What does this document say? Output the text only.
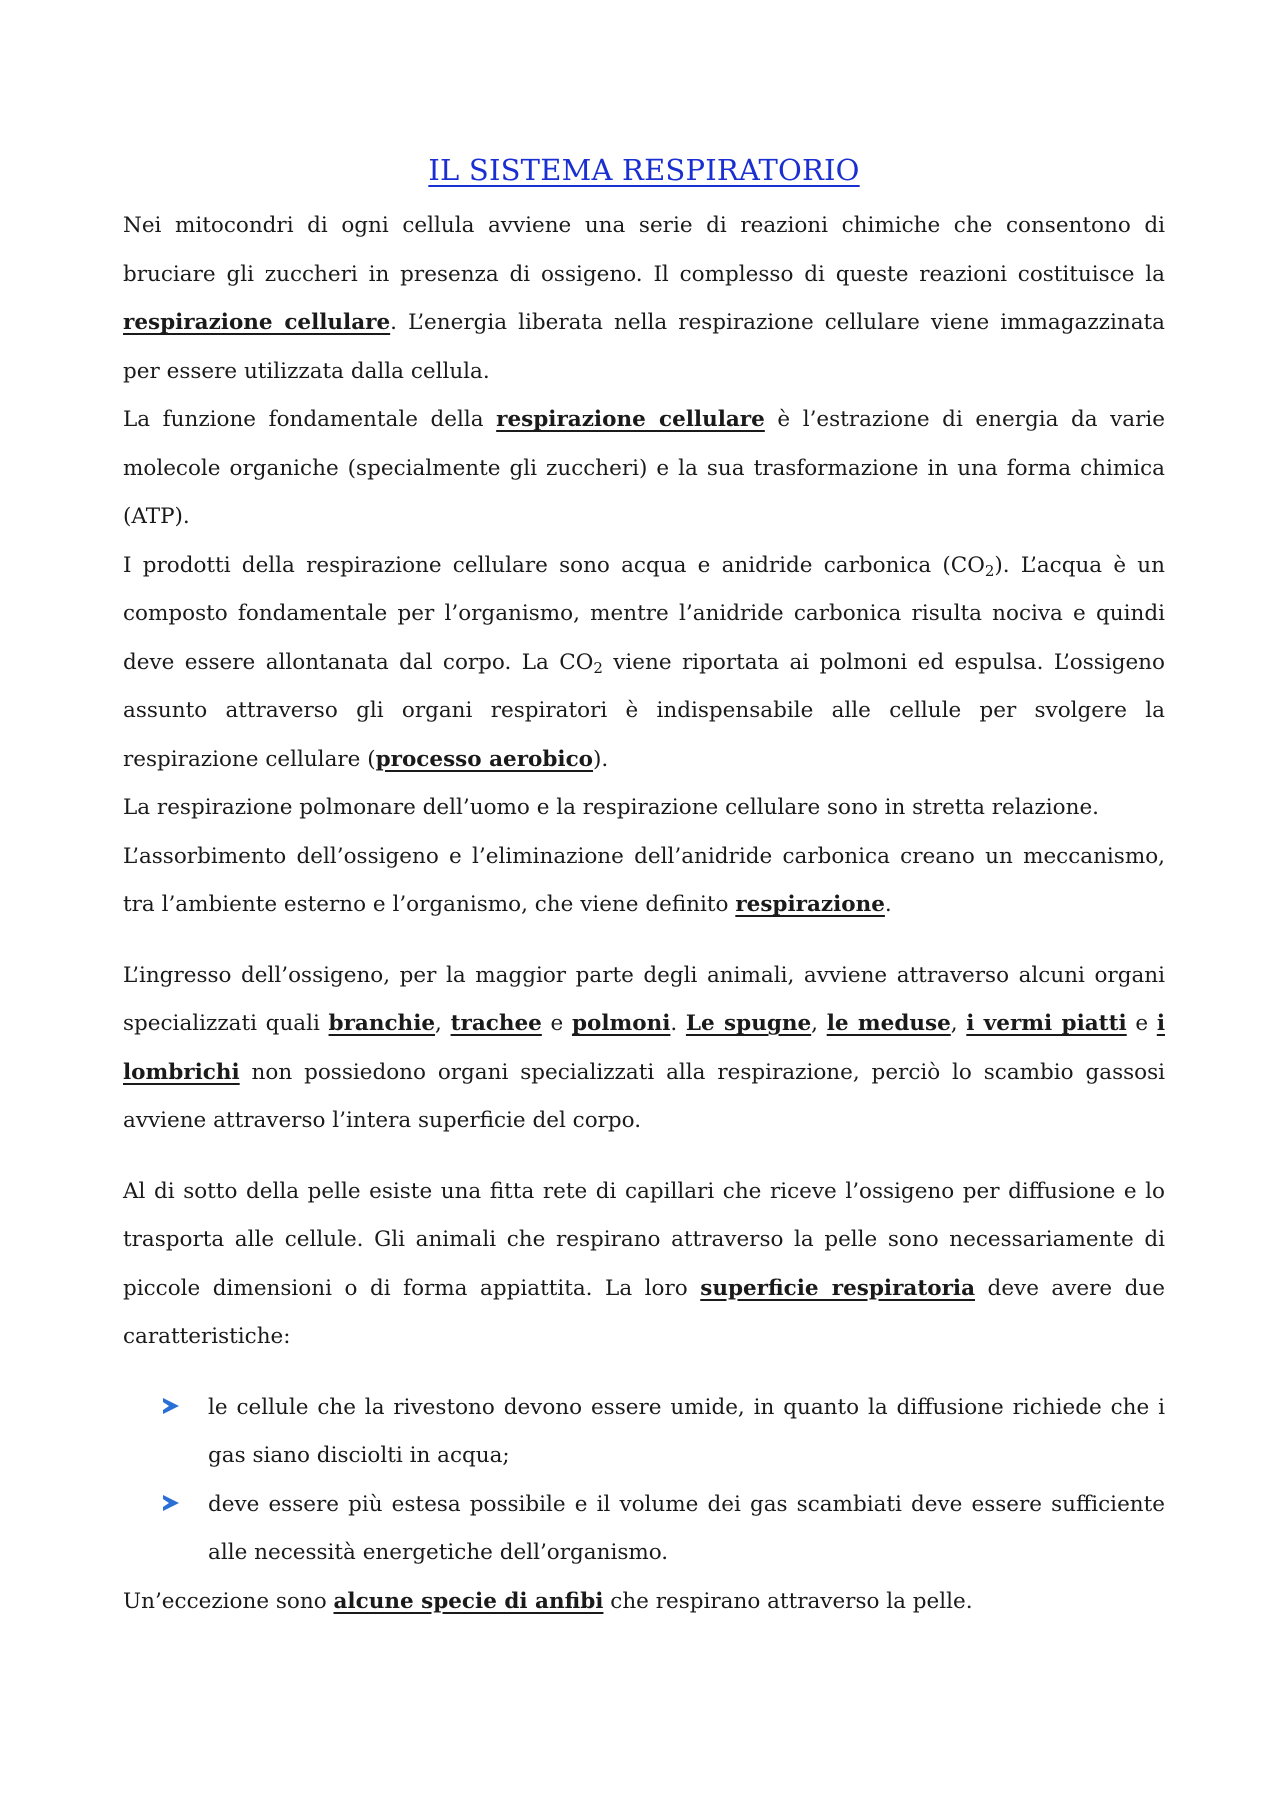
IL SISTEMA RESPIRATORIO

Nei mitocondri di ogni cellula avviene una serie di reazioni chimiche che consentono di bruciare gli zuccheri in presenza di ossigeno. Il complesso di queste reazioni costituisce la respirazione cellulare. L’energia liberata nella respirazione cellulare viene immagazzinata per essere utilizzata dalla cellula.

La funzione fondamentale della respirazione cellulare è l’estrazione di energia da varie molecole organiche (specialmente gli zuccheri) e la sua trasformazione in una forma chimica (ATP).

I prodotti della respirazione cellulare sono acqua e anidride carbonica $(CO_2)$. L’acqua è un composto fondamentale per l’organismo, mentre l’anidride carbonica risulta nociva e quindi deve essere allontanata dal corpo. La $CO_2$ viene riportata ai polmoni ed espulsa. L’ossigeno assunto attraverso gli organi respiratori è indispensabile alle cellule per svolgere la respirazione cellulare (processo aerobico).

La respirazione polmonare dell’uomo e la respirazione cellulare sono in stretta relazione.

L’assorbimento dell’ossigeno e l’eliminazione dell’anidride carbonica creano un meccanismo, tra l’ambiente esterno e l’organismo, che viene definito respirazione.

L’ingresso dell’ossigeno, per la maggior parte degli animali, avviene attraverso alcuni organi specializzati quali branchie, trachee e polmoni. Le spugne, le meduse, i vermi piatti e i lombrichi non possiedono organi specializzati alla respirazione, perciò lo scambio gassosi avviene attraverso l’intera superficie del corpo.

Al di sotto della pelle esiste una fitta rete di capillari che riceve l’ossigeno per diffusione e lo trasporta alle cellule. Gli animali che respirano attraverso la pelle sono necessariamente di piccole dimensioni o di forma appiattita. La loro superficie respiratoria deve avere due caratteristiche:

le cellule che la rivestono devono essere umide, in quanto la diffusione richiede che i gas siano disciolti in acqua;
deve essere più estesa possibile e il volume dei gas scambiati deve essere sufficiente alle necessità energetiche dell’organismo.

Un’eccezione sono alcune specie di anfibi che respirano attraverso la pelle.
